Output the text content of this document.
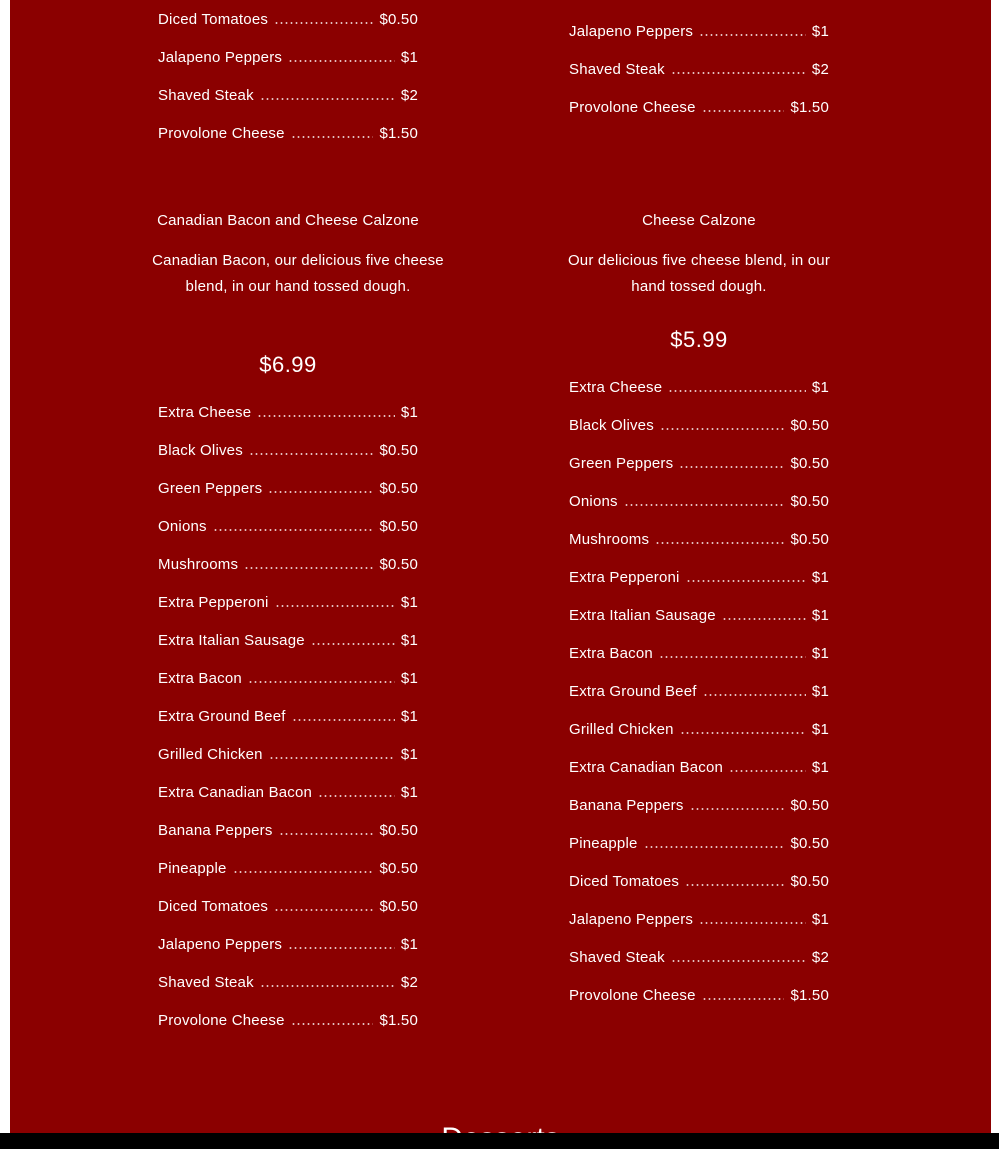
Diced Tomatoes	$0.50
Jalapeno Peppers	$1
Shaved Steak	$2
Provolone Cheese	$1.50
Jalapeno Peppers	$1
Shaved Steak	$2
Provolone Cheese	$1.50
Canadian Bacon and Cheese Calzone
Canadian Bacon, our delicious five cheese blend, in our hand tossed dough.
$6.99
Extra Cheese	$1
Black Olives	$0.50
Green Peppers	$0.50
Onions	$0.50
Mushrooms	$0.50
Extra Pepperoni	$1
Extra Italian Sausage	$1
Extra Bacon	$1
Extra Ground Beef	$1
Grilled Chicken	$1
Extra Canadian Bacon	$1
Banana Peppers	$0.50
Pineapple	$0.50
Diced Tomatoes	$0.50
Jalapeno Peppers	$1
Shaved Steak	$2
Provolone Cheese	$1.50
Cheese Calzone
Our delicious five cheese blend, in our hand tossed dough.
$5.99
Extra Cheese	$1
Black Olives	$0.50
Green Peppers	$0.50
Onions	$0.50
Mushrooms	$0.50
Extra Pepperoni	$1
Extra Italian Sausage	$1
Extra Bacon	$1
Extra Ground Beef	$1
Grilled Chicken	$1
Extra Canadian Bacon	$1
Banana Peppers	$0.50
Pineapple	$0.50
Diced Tomatoes	$0.50
Jalapeno Peppers	$1
Shaved Steak	$2
Provolone Cheese	$1.50
